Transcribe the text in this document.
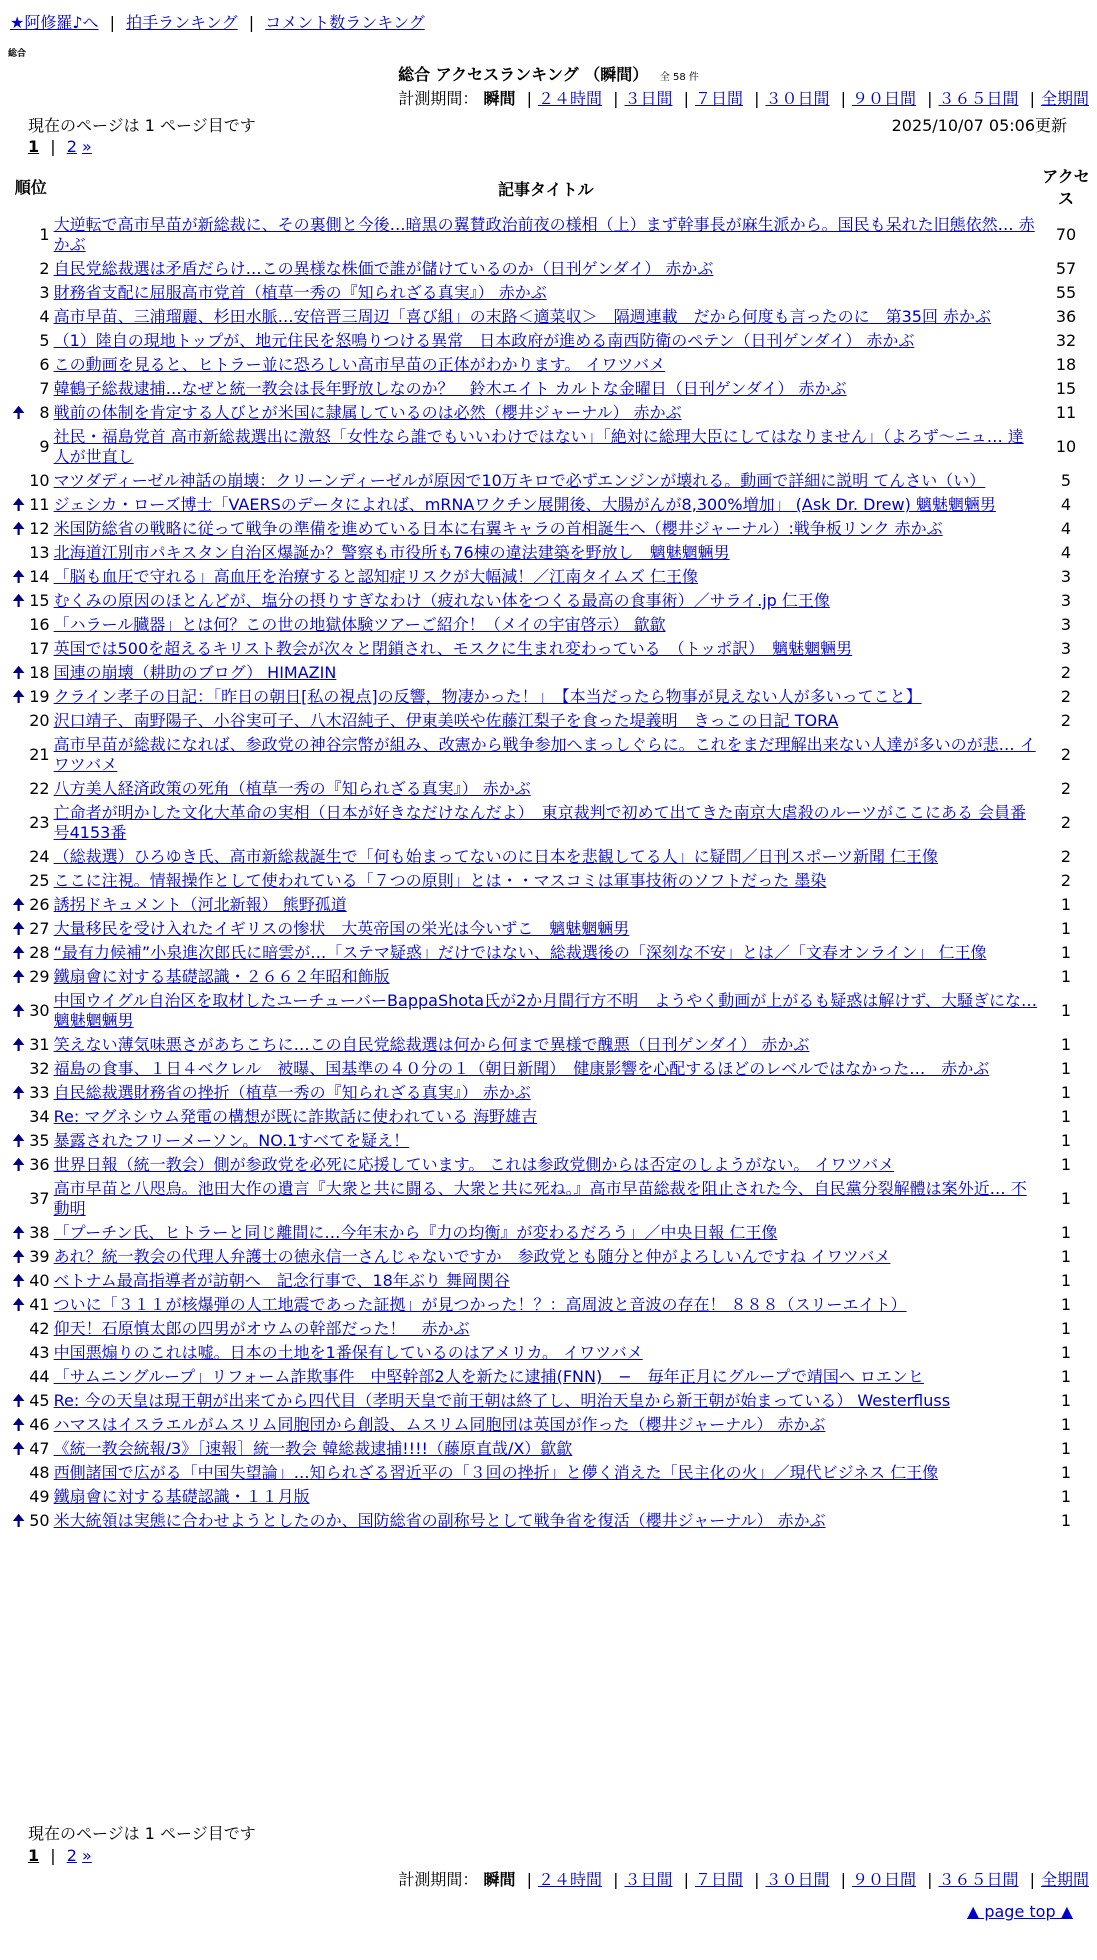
★阿修羅♪へ | 拍手ランキング | コメント数ランキング
総合
総合 アクセスランキング （瞬間） 全 58 件
計測期間： 瞬間 | ２４時間 | ３日間 | ７日間 | ３０日間 | ９０日間 | ３６５日間 | 全期間
現在のページは 1 ページ目です	2025/10/07 05:06更新
1 | 2 »
順位		記事タイトル	アクセス
	1	大逆転で高市早苗が新総裁に、その裏側と今後…暗黒の翼賛政治前夜の様相（上）まず幹事長が麻生派から。国民も呆れた旧態依然… 赤かぶ	70
	2	自民党総裁選は矛盾だらけ…この異様な株価で誰が儲けているのか（日刊ゲンダイ） 赤かぶ	57
	3	財務省支配に屈服高市党首（植草一秀の『知られざる真実』） 赤かぶ	55
	4	高市早苗、三浦瑠麗、杉田水脈…安倍晋三周辺「喜び組」の末路＜適菜収＞　隔週連載　だから何度も言ったのに　第35回 赤かぶ	36
	5	（1）陸自の現地トップが、地元住民を怒鳴りつける異常　日本政府が進める南西防衛のペテン（日刊ゲンダイ） 赤かぶ	32
	6	この動画を見ると、ヒトラー並に恐ろしい高市早苗の正体がわかります。 イワツバメ	18
	7	韓鶴子総裁逮捕…なぜと統一教会は長年野放しなのか？　鈴木エイト カルトな金曜日（日刊ゲンダイ） 赤かぶ	15
🠉	8	戦前の体制を肯定する人びとが米国に隷属しているのは必然（櫻井ジャーナル） 赤かぶ	11
	9	社民・福島党首 高市新総裁選出に激怒「女性なら誰でもいいわけではない」「絶対に総理大臣にしてはなりません」（よろず〜ニュ… 達人が世直し	10
	10	マツダディーゼル神話の崩壊：クリーンディーゼルが原因で10万キロで必ずエンジンが壊れる。動画で詳細に説明 てんさい（い）	5
🠉	11	ジェシカ・ローズ博士「VAERSのデータによれば、mRNAワクチン展開後、大腸がんが8,300%増加」 (Ask Dr. Drew) 魑魅魍魎男	4
🠉	12	米国防総省の戦略に従って戦争の準備を進めている日本に右翼キャラの首相誕生へ（櫻井ジャーナル）:戦争板リンク 赤かぶ	4
	13	北海道江別市パキスタン自治区爆誕か？警察も市役所も76棟の違法建築を野放し　魑魅魍魎男	4
🠉	14	「脳も血圧で守れる」高血圧を治療すると認知症リスクが大幅減！／江南タイムズ 仁王像	3
🠉	15	むくみの原因のほとんどが、塩分の摂りすぎなわけ（疲れない体をつくる最高の食事術）／サライ.jp 仁王像	3
	16	「ハラール臓器」とは何？この世の地獄体験ツアーご紹介！（メイの宇宙啓示） 歙歙	3
	17	英国では500を超えるキリスト教会が次々と閉鎖され、モスクに生まれ変わっている　（トッポ訳）　魑魅魍魎男	3
🠉	18	国連の崩壊（耕助のブログ） HIMAZIN	2
🠉	19	クライン孝子の日記：「昨日の朝日[私の視点]の反響，物凄かった！」　【本当だったら物事が見えない人が多いってこと】	2
	20	沢口靖子、南野陽子、小谷実可子、八木沼純子、伊東美咲や佐藤江梨子を食った堤義明　きっこの日記 TORA	2
	21	高市早苗が総裁になれば、参政党の神谷宗幣が組み、改憲から戦争参加へまっしぐらに。これをまだ理解出来ない人達が多いのが悲… イワツバメ	2
	22	八方美人経済政策の死角（植草一秀の『知られざる真実』） 赤かぶ	2
	23	亡命者が明かした文化大革命の実相（日本が好きなだけなんだよ）　東京裁判で初めて出てきた南京大虐殺のルーツがここにある 会員番号4153番	2
	24	（総裁選）ひろゆき氏、高市新総裁誕生で「何も始まってないのに日本を悲観してる人」に疑問／日刊スポーツ新聞 仁王像	2
	25	ここに注視。情報操作として使われている「７つの原則」とは・・マスコミは軍事技術のソフトだった 墨染	2
🠉	26	誘拐ドキュメント（河北新報） 熊野孤道	1
🠉	27	大量移民を受け入れたイギリスの惨状　大英帝国の栄光は今いずこ　魑魅魍魎男	1
🠉	28	“最有力候補”小泉進次郎氏に暗雲が…「ステマ疑惑」だけではない、総裁選後の「深刻な不安」とは／「文春オンライン」 仁王像	1
🠉	29	鐵扇會に対する基礎認識・２６６２年昭和飾版	1
🠉	30	中国ウイグル自治区を取材したユーチューバーBappaShota氏が2か月間行方不明　ようやく動画が上がるも疑惑は解けず、大騒ぎにな… 魑魅魍魎男	1
🠉	31	笑えない薄気味悪さがあちこちに…この自民党総裁選は何から何まで異様で醜悪（日刊ゲンダイ） 赤かぶ	1
	32	福島の食事、１日４ベクレル　被曝、国基準の４０分の１（朝日新聞）　健康影響を心配するほどのレベルではなかった…　赤かぶ	1
🠉	33	自民総裁選財務省の挫折（植草一秀の『知られざる真実』） 赤かぶ	1
	34	Re: マグネシウム発電の構想が既に詐欺話に使われている 海野雄吉	1
🠉	35	暴露されたフリーメーソン。NO.1すべてを疑え！	1
🠉	36	世界日報（統一教会）側が参政党を必死に応援しています。 これは参政党側からは否定のしようがない。 イワツバメ	1
	37	高市早苗と八咫烏。池田大作の遺言『大衆と共に闘る、大衆と共に死ね。』高市早苗総裁を阻止された今、自民黨分裂解體は案外近… 不動明	1
🠉	38	「プーチン氏、ヒトラーと同じ離間に…今年末から『力の均衡』が変わるだろう」／中央日報 仁王像	1
🠉	39	あれ？統一教会の代理人弁護士の徳永信一さんじゃないですか　参政党とも随分と仲がよろしいんですね イワツバメ	1
🠉	40	ベトナム最高指導者が訪朝へ　記念行事で、18年ぶり 舞岡関谷	1
🠉	41	ついに「３１１が核爆弾の人工地震であった証拠」が見つかった！？：高周波と音波の存在！ ８８８（スリーエイト）	1
	42	仰天！石原慎太郎の四男がオウムの幹部だった！　赤かぶ	1
	43	中国悪煽りのこれは嘘。日本の土地を1番保有しているのはアメリカ。 イワツバメ	1
	44	「サムニングループ」リフォーム詐欺事件　中堅幹部2人を新たに逮捕(FNN)　−　毎年正月にグループで靖国へ ロエンヒ	1
🠉	45	Re: 今の天皇は現王朝が出来てから四代目（孝明天皇で前王朝は終了し、明治天皇から新王朝が始まっている） Westerfluss	1
🠉	46	ハマスはイスラエルがムスリム同胞団から創設、ムスリム同胞団は英国が作った（櫻井ジャーナル） 赤かぶ	1
🠉	47	《統一教会統報/3》［速報］統一教会 韓総裁逮捕!!!!（藤原直哉/X）歙歙	1
	48	西側諸国で広がる「中国失望論」…知られざる習近平の「３回の挫折」と儚く消えた「民主化の火」／現代ビジネス 仁王像	1
	49	鐵扇會に対する基礎認識・１１月版	1
🠉	50	米大統領は実態に合わせようとしたのか、国防総省の副称号として戦争省を復活（櫻井ジャーナル） 赤かぶ	1
現在のページは 1 ページ目です
1 | 2 »
計測期間： 瞬間 | ２４時間 | ３日間 | ７日間 | ３０日間 | ９０日間 | ３６５日間 | 全期間
▲ page top ▲
